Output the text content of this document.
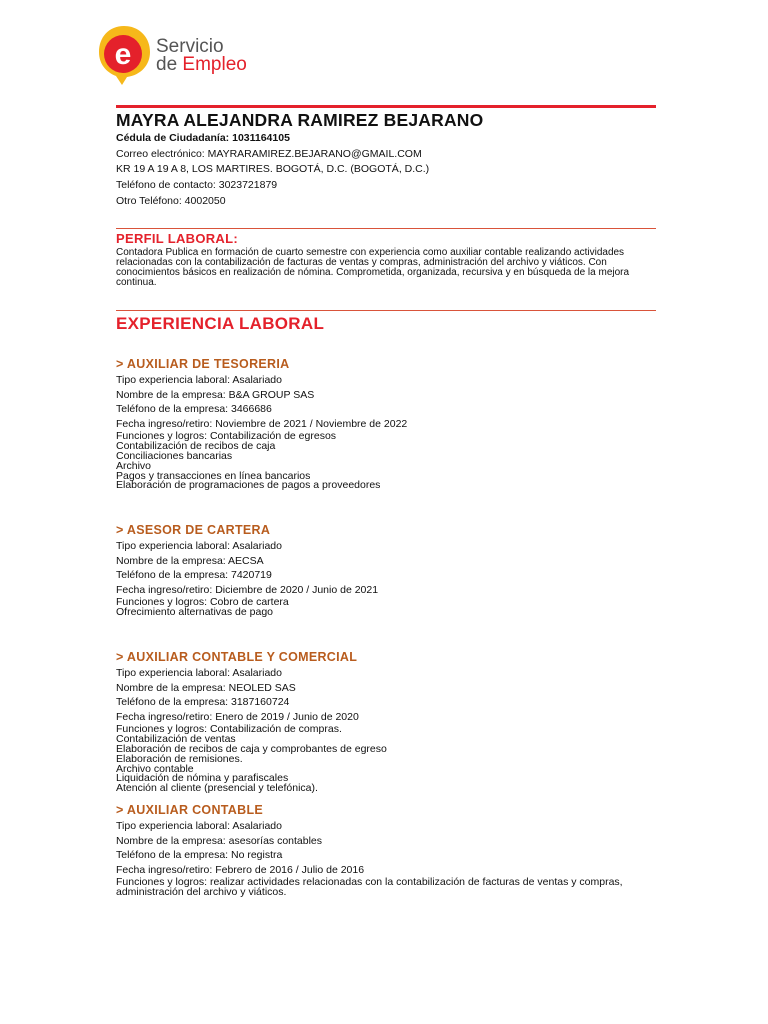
e Servicio
de Empleo
MAYRA ALEJANDRA RAMIREZ BEJARANO
Cédula de Ciudadanía: 1031164105
Correo electrónico: MAYRARAMIREZ.BEJARANO@GMAIL.COM
KR 19 A 19 A 8, LOS MARTIRES. BOGOTÁ, D.C. (BOGOTÁ, D.C.)
Teléfono de contacto: 3023721879
Otro Teléfono: 4002050
PERFIL LABORAL:
Contadora Publica en formación de cuarto semestre con experiencia como auxiliar contable realizando actividades relacionadas con la contabilización de facturas de ventas y compras, administración del archivo y viáticos. Con conocimientos básicos en realización de nómina. Comprometida, organizada, recursiva y en búsqueda de la mejora continua.
EXPERIENCIA LABORAL
> AUXILIAR DE TESORERIA
Tipo experiencia laboral: Asalariado
Nombre de la empresa: B&A GROUP SAS
Teléfono de la empresa: 3466686
Fecha ingreso/retiro: Noviembre de 2021 / Noviembre de 2022
Funciones y logros: Contabilización de egresos
Contabilización de recibos de caja
Conciliaciones bancarias
Archivo
Pagos y transacciones en línea bancarios
Elaboración de programaciones de pagos a proveedores
> ASESOR DE CARTERA
Tipo experiencia laboral: Asalariado
Nombre de la empresa: AECSA
Teléfono de la empresa: 7420719
Fecha ingreso/retiro: Diciembre de 2020 / Junio de 2021
Funciones y logros: Cobro de cartera
Ofrecimiento alternativas de pago
> AUXILIAR CONTABLE Y COMERCIAL
Tipo experiencia laboral: Asalariado
Nombre de la empresa: NEOLED SAS
Teléfono de la empresa: 3187160724
Fecha ingreso/retiro: Enero de 2019 / Junio de 2020
Funciones y logros: Contabilización de compras.
Contabilización de ventas
Elaboración de recibos de caja y comprobantes de egreso
Elaboración de remisiones.
Archivo contable
Liquidación de nómina y parafiscales
Atención al cliente (presencial y telefónica).
> AUXILIAR CONTABLE
Tipo experiencia laboral: Asalariado
Nombre de la empresa: asesorías contables
Teléfono de la empresa: No registra
Fecha ingreso/retiro: Febrero de 2016 / Julio de 2016
Funciones y logros: realizar actividades relacionadas con la contabilización de facturas de ventas y compras, administración del archivo y viáticos.
